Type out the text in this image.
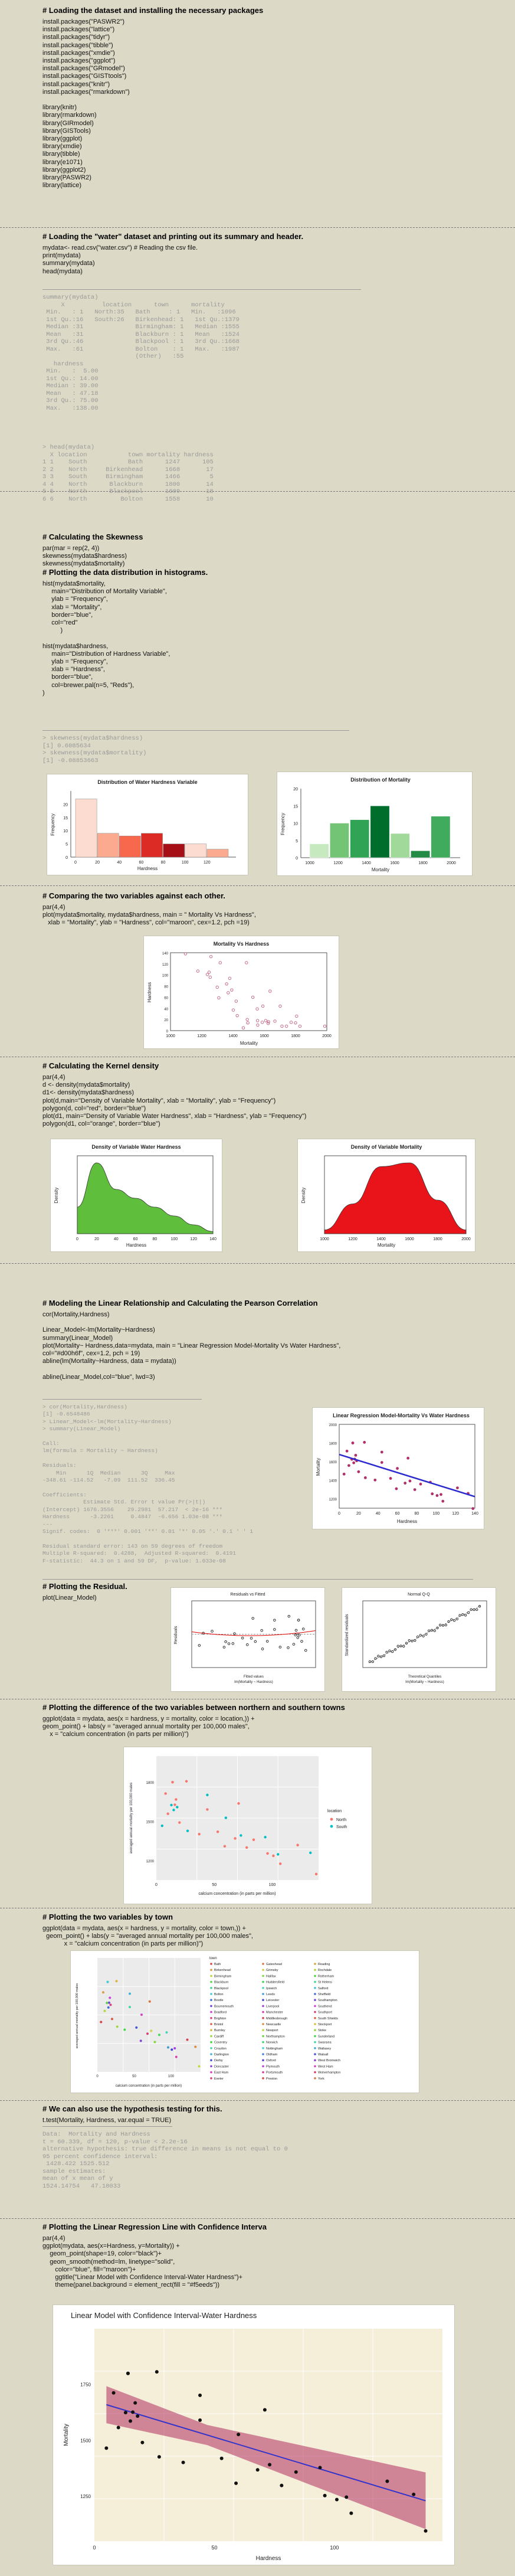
# Loading the dataset and installing the necessary packages
install.packages("PASWR2")
install.packages("lattice")
install.packages("tidyr")
install.packages("tibble")
install.packages("xmdie")
install.packages("ggplot")
install.packages("GRmodel")
install.packages("GISTtools")
install.packages("knitr")
install.packages("rmarkdown")

library(knitr)
library(rmarkdown)
library(GIRmodel)
library(GISTools)
library(ggplot)
library(xmdie)
library(tibble)
library(e1071)
library(ggplot2)
library(PASWR2)
library(lattice)
# Loading the "water" dataset and printing out its summary and header.
mydata<- read.csv("water.csv") # Reading the csv file.
print(mydata)
summary(mydata)
head(mydata)
summary(mydata)
X          location      town      mortality
Min.   : 1   North:35   Bath     : 1   Min.   :1096
1st Qu.:16   South:26   Birkenhead: 1   1st Qu.:1379
Median :31              Birmingham: 1   Median :1555
Mean   :31              Blackburn : 1   Mean   :1524
3rd Qu.:46              Blackpool : 1   3rd Qu.:1668
Max.   :61              Bolton    : 1   Max.   :1987
(Other)   :55
hardness
Min.   :  5.00
1st Qu.: 14.00
Median : 39.00
Mean   : 47.18
3rd Qu.: 75.00
Max.   :138.00
> head(mydata)
X location           town mortality hardness
1 1    South           Bath      1247      105
2 2    North     Birkenhead      1668       17
3 3    South     Birmingham      1466        5
4 4    North      Blackburn      1800       14
5 5    North      Blackpool      1609       18
6 6    North         Bolton      1558       10
# Calculating the Skewness
par(mar = rep(2, 4))
skewness(mydata$hardness)
skewness(mydata$mortality)
# Plotting the data distribution in histograms.
hist(mydata$mortality,
main="Distribution of Mortality Variable",
ylab = "Frequency",
xlab = "Mortality",
border="blue",
col="red"
)

hist(mydata$hardness,
main="Distribution of Hardness Variable",
ylab = "Frequency",
xlab = "Hardness",
border="blue",
col=brewer.pal(n=5, "Reds"),
)
> skewness(mydata$hardness)
[1] 0.6085634
> skewness(mydata$mortality)
[1] -0.08853663
Distribution of Water Hardness Variable
0	20	40	60	80	100	120
0
5
10
15
20
Hardness
Frequency
Distribution of Mortality
1000	1200	1400	1600	1800	2000
0
5
10
15
20
Mortality
Frequency
# Comparing the two variables against each other.
par(4,4)
plot(mydata$mortality, mydata$hardness, main = " Mortality Vs Hardness",
xlab = "Mortality", ylab = "Hardness", col="maroon", cex=1.2, pch =19)
Mortality Vs Hardness
1000	1200	1400	1600	1800	2000
0
20
40
60
80
100
120
140
Mortality
Hardness
# Calculating the Kernel density
par(4,4)
d <- density(mydata$mortality)
d1<- density(mydata$hardness)
plot(d,main="Density of Variable Mortality", xlab = "Mortality", ylab = "Frequency")
polygon(d, col="red", border="blue")
plot(d1, main="Density of Variable Water Hardness", xlab = "Hardness", ylab = "Frequency")
polygon(d1, col="orange", border="blue")
Density of Variable Water Hardness
0	20	40	60	80	100	120	140
Hardness
Density
Density of Variable Mortality
1000	1200	1400	1600	1800	2000
Mortality
Density
# Modeling the Linear Relationship and Calculating the Pearson Correlation
cor(Mortality,Hardness)

Linear_Model<-lm(Mortality~Hardness)
summary(Linear_Model)
plot(Mortality~ Hardness,data=mydata, main = "Linear Regression Model-Mortality Vs Water Hardness",
col="#d00h6f", cex=1.2, pch = 19)
abline(lm(Mortality~Hardness, data = mydata))

abline(Linear_Model,col="blue", lwd=3)
> cor(Mortality,Hardness)
[1] -0.6548486
> Linear_Model<-lm(Mortality~Hardness)
> summary(Linear_Model)

Call:
lm(formula = Mortality ~ Hardness)

Residuals:
Min      1Q  Median      3Q     Max
-348.61 -114.52   -7.09  111.52  336.45

Coefficients:
Estimate Std. Error t value Pr(>|t|)
(Intercept) 1676.3556    29.2981  57.217  < 2e-16 ***
Hardness      -3.2261     0.4847  -6.656 1.03e-08 ***
---
Signif. codes:  0 '***' 0.001 '**' 0.01 '*' 0.05 '.' 0.1 ' ' 1

Residual standard error: 143 on 59 degrees of freedom
Multiple R-squared:  0.4288,  Adjusted R-squared:  0.4191
F-statistic:  44.3 on 1 and 59 DF,  p-value: 1.033e-08
Linear Regression Model-Mortality Vs Water Hardness
0	20	40	60	80	100	120	140
1200
1400
1600
1800
2000
Hardness
Mortality
# Plotting the Residual.
plot(Linear_Model)	Residuals vs Fitted
Fitted values
lm(Mortality ~ Hardness)
Residuals
Normal Q-Q
Theoretical Quantiles
lm(Mortality ~ Hardness)
Standardized residuals
# Plotting the difference of the two variables between northern and southern towns
ggplot(data = mydata, aes(x = hardness, y = mortality, color = location,)) +
geom_point() + labs(y = "averaged annual mortality per 100,000 males",
x = "calcium concentration (in parts per million)")
0	50	100
1200
1500
1800
calcium concentration (in parts per million)
averaged annual mortality per 100,000 males	location
North
South
# Plotting the two variables by town
ggplot(data = mydata, aes(x = hardness, y = mortality, color = town,)) +
geom_point() + labs(y = "averaged annual mortality per 100,000 males",
x = "calcium concentration (in parts per million)")
0	50	100
calcium concentration (in parts per million)
averaged annual mortality per 100,000 males
town
Bath
Birkenhead
Birmingham
Blackburn
Blackpool
Bolton
Bootle
Bournemouth
Bradford
Brighton
Bristol
Burnley
Cardiff
Coventry
Croydon
Darlington
Derby
Doncaster
East Ham
Exeter
Gateshead
Grimsby
Halifax
Huddersfield
Ipswich
Leeds
Leicester
Liverpool
Manchester
Middlesbrough
Newcastle
Newport
Northampton
Norwich
Nottingham
Oldham
Oxford
Plymouth
Portsmouth
Preston
Reading
Rochdale
Rotherham
St Helens
Salford
Sheffield
Southampton
Southend
Southport
South Shields
Stockport
Stoke
Sunderland
Swansea
Wallasey
Walsall
West Bromwich
West Ham
Wolverhampton
York
# We can also use the hypothesis testing for this.
t.test(Mortality, Hardness, var.equal = TRUE)
Data:  Mortality and Hardness
t = 60.339, df = 120, p-value < 2.2e-16
alternative hypothesis: true difference in means is not equal to 0
95 percent confidence interval:
1428.422 1525.512
sample estimates:
mean of x mean of y
1524.14754   47.18033
# Plotting the Linear Regression Line with Confidence Interva
par(4,4)
ggplot(mydata, aes(x=Hardness, y=Mortality)) +
geom_point(shape=19, color="black")+
geom_smooth(method=lm, linetype="solid",
color="blue", fill="maroon")+
ggtitle("Linear Model with Confidence Interval-Water Hardness")+
theme(panel.background = element_rect(fill = "#f5eeds"))
Linear Model with Confidence Interval-Water Hardness
0	50	100
1250
1500
1750
Hardness
Mortality
